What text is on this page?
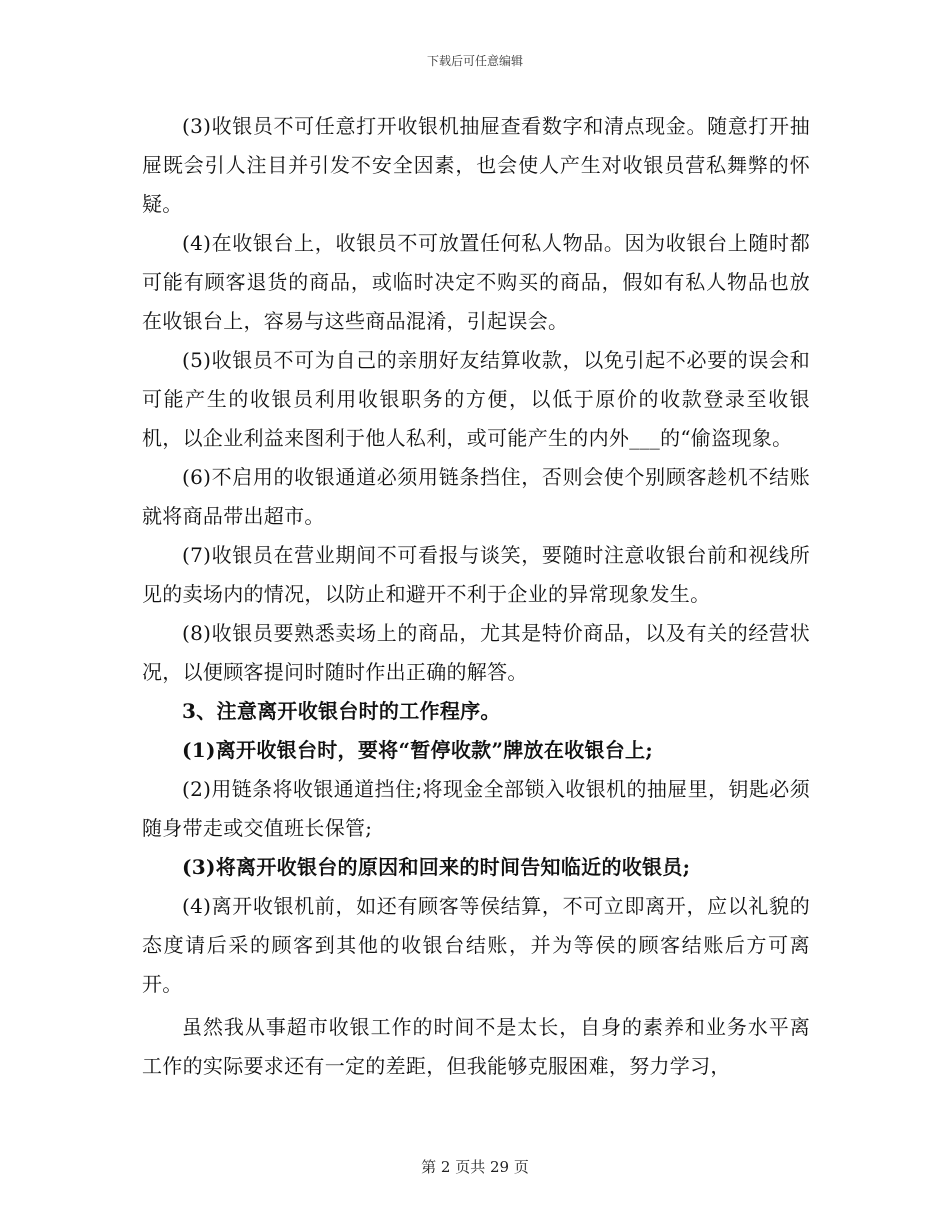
下载后可任意编辑

(3)收银员不可任意打开收银机抽屉查看数字和清点现金。随意打开抽屉既会引人注目并引发不安全因素，也会使人产生对收银员营私舞弊的怀疑。

(4)在收银台上，收银员不可放置任何私人物品。因为收银台上随时都可能有顾客退货的商品，或临时决定不购买的商品，假如有私人物品也放在收银台上，容易与这些商品混淆，引起误会。

(5)收银员不可为自己的亲朋好友结算收款，以免引起不必要的误会和可能产生的收银员利用收银职务的方便，以低于原价的收款登录至收银机，以企业利益来图利于他人私利，或可能产生的内外___的“偷盗现象。

(6)不启用的收银通道必须用链条挡住，否则会使个别顾客趁机不结账就将商品带出超市。

(7)收银员在营业期间不可看报与谈笑，要随时注意收银台前和视线所见的卖场内的情况，以防止和避开不利于企业的异常现象发生。

(8)收银员要熟悉卖场上的商品，尤其是特价商品，以及有关的经营状况，以便顾客提问时随时作出正确的解答。

3、注意离开收银台时的工作程序。

(1)离开收银台时，要将“暂停收款”牌放在收银台上;

(2)用链条将收银通道挡住;将现金全部锁入收银机的抽屉里，钥匙必须随身带走或交值班长保管;

(3)将离开收银台的原因和回来的时间告知临近的收银员;

(4)离开收银机前，如还有顾客等侯结算，不可立即离开，应以礼貌的态度请后采的顾客到其他的收银台结账，并为等侯的顾客结账后方可离开。

虽然我从事超市收银工作的时间不是太长，自身的素养和业务水平离工作的实际要求还有一定的差距，但我能够克服困难，努力学习，

第 2 页共 29 页
